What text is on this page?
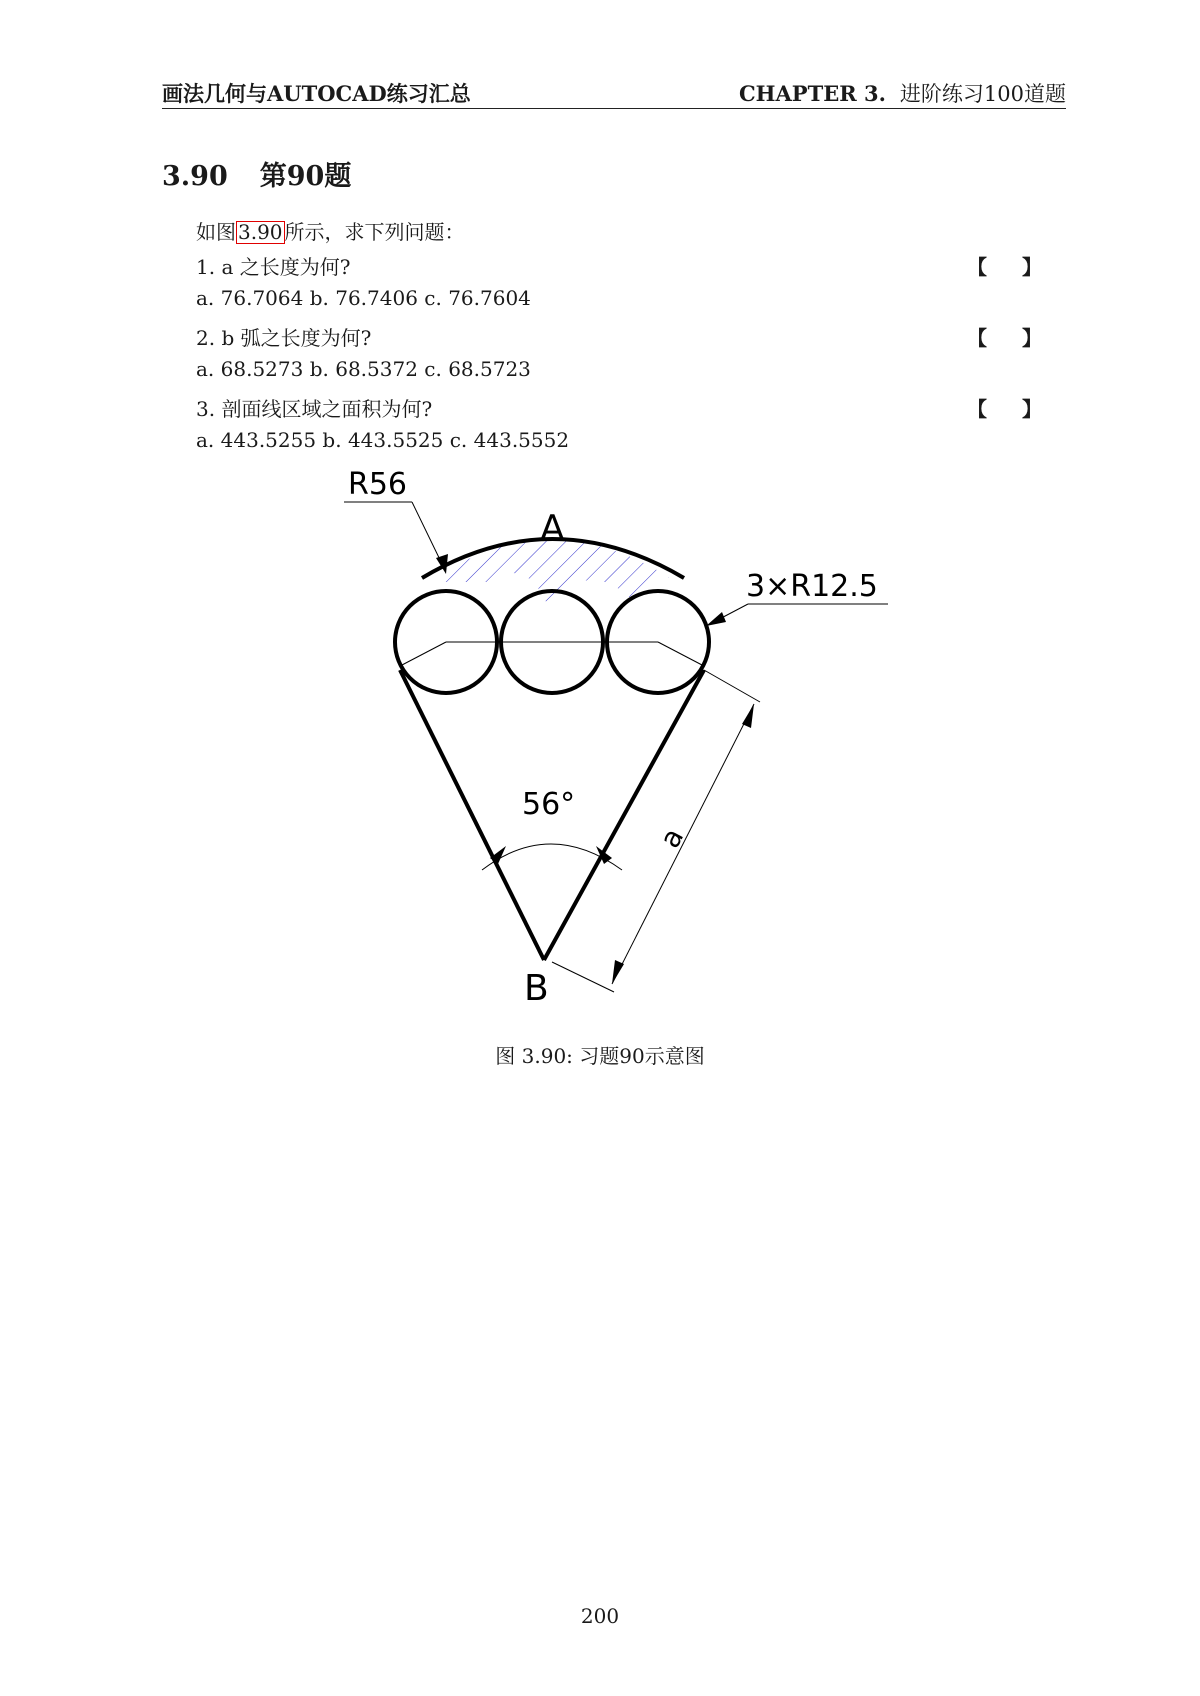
画法几何与AUTOCAD练习汇总	CHAPTER 3. 进阶练习100道题
3.90 第90题
如图 3.90 所示，求下列问题：
1. a 之长度为何?	【 】
a. 76.7064 b. 76.7406 c. 76.7604
2. b 弧之长度为何?	【 】
a. 68.5273 b. 68.5372 c. 68.5723
3. 剖面线区域之面积为何?	【 】
a. 443.5255 b. 443.5525 c. 443.5552
R56
A
3×R12.5
a
56°
B
图 3.90: 习题90示意图
200
